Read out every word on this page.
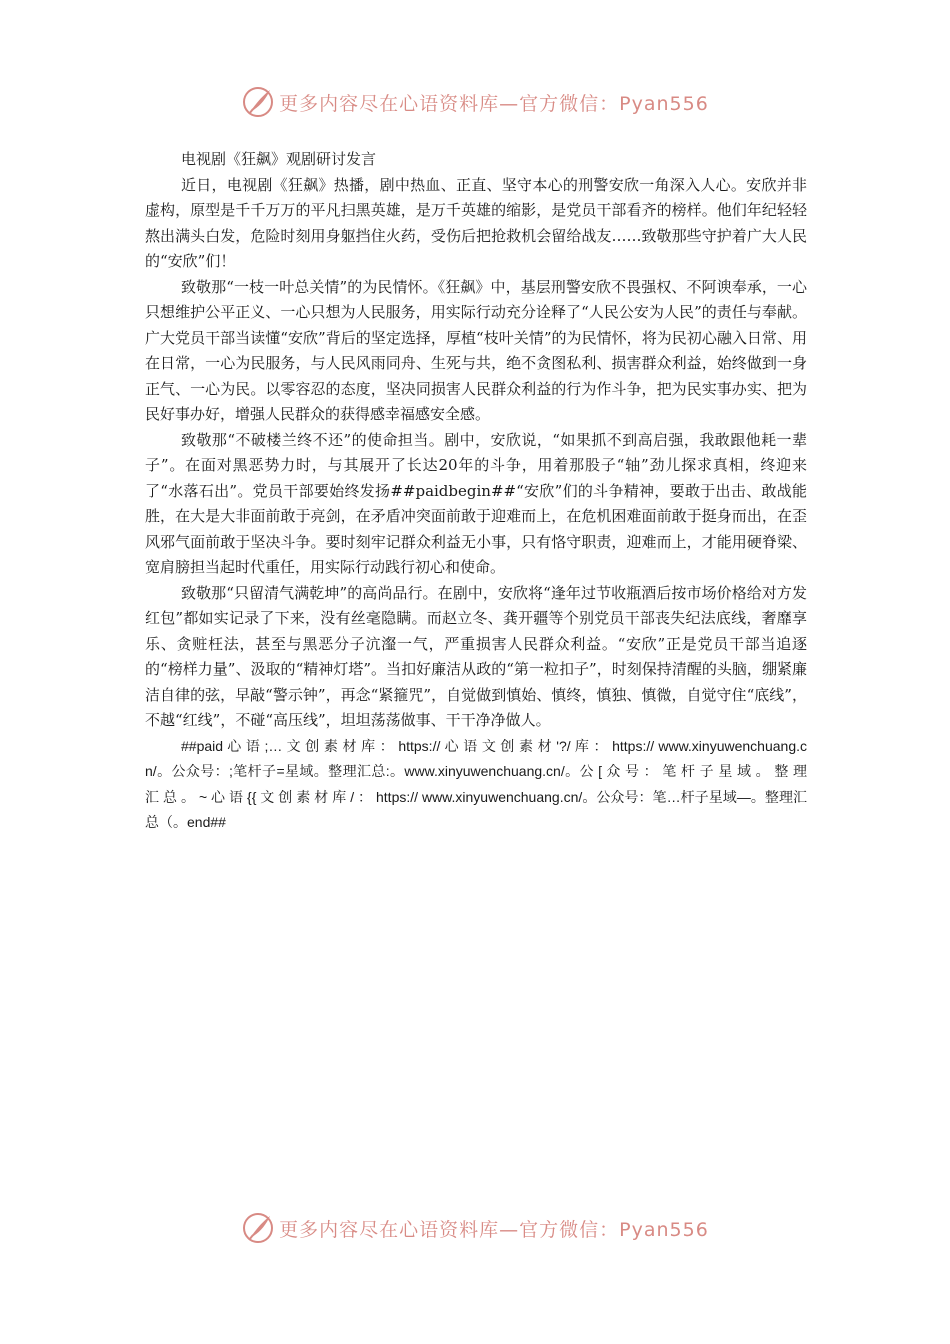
更多内容尽在心语资料库—官方微信：Pyan556

电视剧《狂飙》观剧研讨发言

近日，电视剧《狂飙》热播，剧中热血、正直、坚守本心的刑警安欣一角深入人心。安欣并非虚构，原型是千千万万的平凡扫黑英雄，是万千英雄的缩影，是党员干部看齐的榜样。他们年纪轻轻熬出满头白发，危险时刻用身躯挡住火药，受伤后把抢救机会留给战友……致敬那些守护着广大人民的“安欣”们！

致敬那“一枝一叶总关情”的为民情怀。《狂飙》中，基层刑警安欣不畏强权、不阿谀奉承，一心只想维护公平正义、一心只想为人民服务，用实际行动充分诠释了“人民公安为人民”的责任与奉献。广大党员干部当读懂“安欣”背后的坚定选择，厚植“枝叶关情”的为民情怀，将为民初心融入日常、用在日常，一心为民服务，与人民风雨同舟、生死与共，绝不贪图私利、损害群众利益，始终做到一身正气、一心为民。以零容忍的态度，坚决同损害人民群众利益的行为作斗争，把为民实事办实、把为民好事办好，增强人民群众的获得感幸福感安全感。

致敬那“不破楼兰终不还”的使命担当。剧中，安欣说，“如果抓不到高启强，我敢跟他耗一辈子”。在面对黑恶势力时，与其展开了长达20年的斗争，用着那股子“轴”劲儿探求真相，终迎来了“水落石出”。党员干部要始终发扬##paidbegin##“安欣”们的斗争精神，要敢于出击、敢战能胜，在大是大非面前敢于亮剑，在矛盾冲突面前敢于迎难而上，在危机困难面前敢于挺身而出，在歪风邪气面前敢于坚决斗争。要时刻牢记群众利益无小事，只有恪守职责，迎难而上，才能用硬脊梁、宽肩膀担当起时代重任，用实际行动践行初心和使命。

致敬那“只留清气满乾坤”的高尚品行。在剧中，安欣将“逢年过节收瓶酒后按市场价格给对方发红包”都如实记录了下来，没有丝毫隐瞒。而赵立冬、龚开疆等个别党员干部丧失纪法底线，奢靡享乐、贪赃枉法，甚至与黑恶分子沆瀣一气，严重损害人民群众利益。“安欣”正是党员干部当追逐的“榜样力量”、汲取的“精神灯塔”。当扣好廉洁从政的“第一粒扣子”，时刻保持清醒的头脑，绷紧廉洁自律的弦，早敲“警示钟”，再念“紧箍咒”，自觉做到慎始、慎终，慎独、慎微，自觉守住“底线”，不越“红线”，不碰“高压线”，坦坦荡荡做事、干干净净做人。

##paid 心 语 ;… 文 创 素 材 库 ： https:// 心 语 文 创 素 材 '?/ 库 ： https:// www.xinyuwenchuang.cn/。公众号：;笔杆子=星域。整理汇总:。www.xinyuwenchuang.cn/。公 [ 众 号 ： 笔 杆 子 星 域 。 整 理 汇 总 。 ~ 心 语 {{ 文 创 素 材 库 / ： https:// www.xinyuwenchuang.cn/。公众号：笔…杆子星域—。整理汇总（。end##

更多内容尽在心语资料库—官方微信：Pyan556
